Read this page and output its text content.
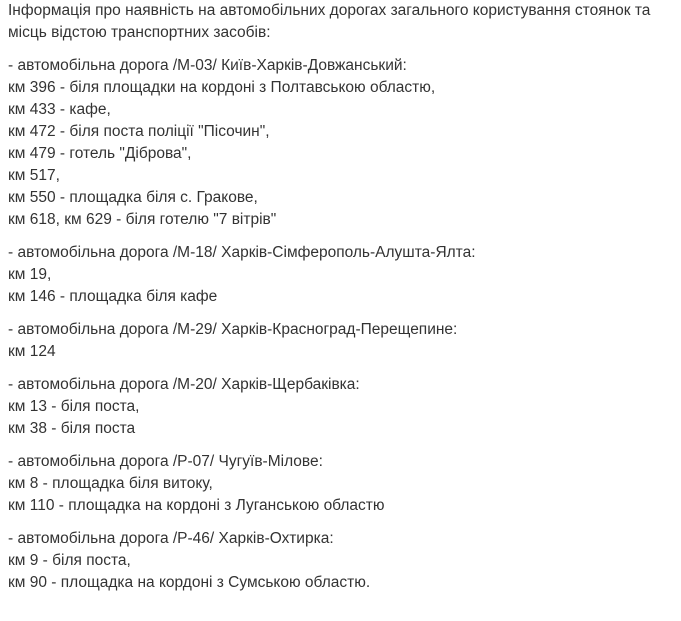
Інформація про наявність на автомобільних дорогах загального користування стоянок та
місць відстою транспортних засобів:

- автомобільна дорога /М-03/ Київ-Харків-Довжанський:
км 396 - біля площадки на кордоні з Полтавською областю,
км 433 - кафе,
км 472 - біля поста поліції "Пісочин",
км 479 - готель "Діброва",
км 517,
км 550 - площадка біля с. Гракове,
км 618, км 629 - біля готелю "7 вітрів"

- автомобільна дорога /М-18/ Харків-Сімферополь-Алушта-Ялта:
км 19,
км 146 - площадка біля кафе

- автомобільна дорога /М-29/ Харків-Красноград-Перещепине:
км 124

- автомобільна дорога /М-20/ Харків-Щербаківка:
км 13 - біля поста,
км 38 - біля поста

- автомобільна дорога /Р-07/ Чугуїв-Мілове:
км 8 - площадка біля витоку,
км 110 - площадка на кордоні з Луганською областю

- автомобільна дорога /Р-46/ Харків-Охтирка:
км 9 - біля поста,
км 90 - площадка на кордоні з Сумською областю.
